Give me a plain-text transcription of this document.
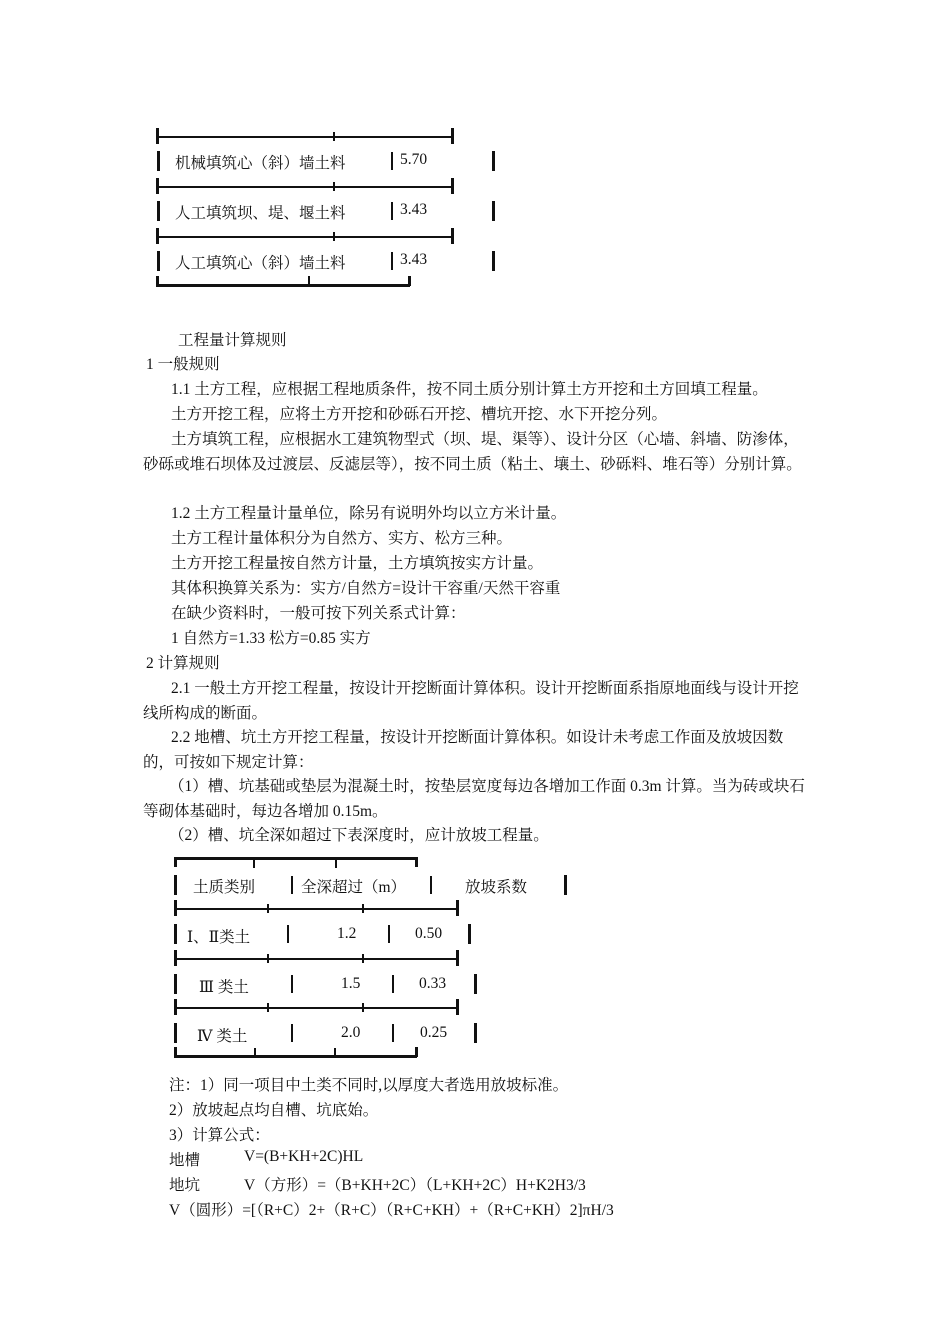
机械填筑心（斜）墙土料	5.70
人工填筑坝、堤、堰土料	3.43
人工填筑心（斜）墙土料	3.43
工程量计算规则
1 一般规则
1.1 土方工程，应根据工程地质条件，按不同土质分别计算土方开挖和土方回填工程量。
土方开挖工程，应将土方开挖和砂砾石开挖、槽坑开挖、水下开挖分列。
土方填筑工程，应根据水工建筑物型式（坝、堤、渠等）、设计分区（心墙、斜墙、防渗体，砂砾或堆石坝体及过渡层、反滤层等），按不同土质（粘土、壤土、砂砾料、堆石等）分别计算。
1.2 土方工程量计量单位，除另有说明外均以立方米计量。
土方工程计量体积分为自然方、实方、松方三种。
土方开挖工程量按自然方计量，土方填筑按实方计量。
其体积换算关系为：实方/自然方=设计干容重/天然干容重
在缺少资料时，一般可按下列关系式计算：
1 自然方=1.33 松方=0.85 实方
2 计算规则
2.1 一般土方开挖工程量，按设计开挖断面计算体积。设计开挖断面系指原地面线与设计开挖线所构成的断面。
2.2 地槽、坑土方开挖工程量，按设计开挖断面计算体积。如设计未考虑工作面及放坡因数的，可按如下规定计算：
（1）槽、坑基础或垫层为混凝土时，按垫层宽度每边各增加工作面 0.3m 计算。当为砖或块石等砌体基础时，每边各增加 0.15m。
（2）槽、坑全深如超过下表深度时，应计放坡工程量。
土质类别	全深超过（m）	放坡系数
Ⅰ、Ⅱ类土	1.2	0.50
Ⅲ 类土	1.5	0.33
Ⅳ 类土	2.0	0.25
注：1）同一项目中土类不同时,以厚度大者选用放坡标准。
2）放坡起点均自槽、坑底始。
3）计算公式：
地槽	V=(B+KH+2C)HL
地坑	V（方形）=（B+KH+2C）（L+KH+2C）H+K2H3/3
V（圆形）=[（R+C）2+（R+C）（R+C+KH）+（R+C+KH）2]πH/3
